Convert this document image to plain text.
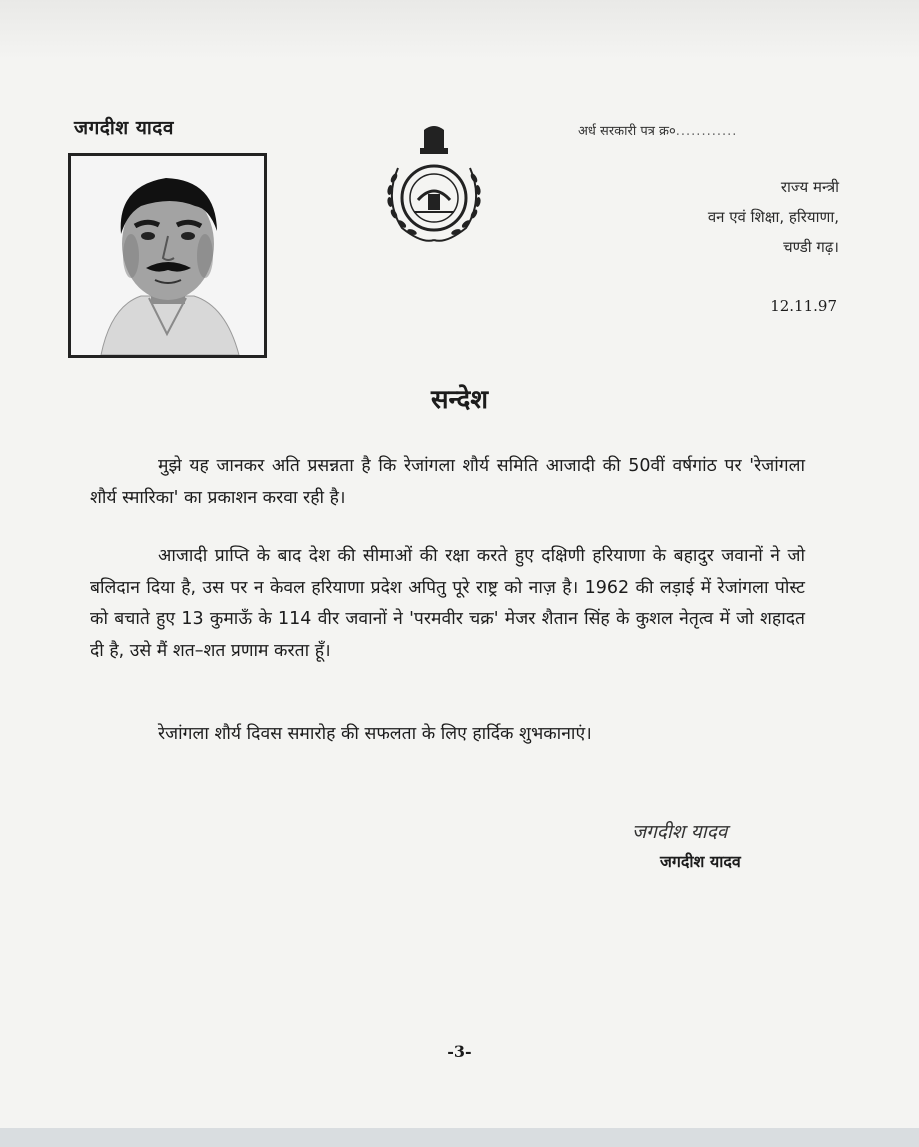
जगदीश यादव	अर्ध सरकारी पत्र क्र०............
राज्य मन्त्री
वन एवं शिक्षा, हरियाणा,
चण्डी गढ़।
12.11.97
सन्देश
मुझे यह जानकर अति प्रसन्नता है कि रेजांगला शौर्य समिति आजादी की 50वीं वर्षगांठ पर 'रेजांगला शौर्य स्मारिका' का प्रकाशन करवा रही है।
आजादी प्राप्ति के बाद देश की सीमाओं की रक्षा करते हुए दक्षिणी हरियाणा के बहादुर जवानों ने जो बलिदान दिया है, उस पर न केवल हरियाणा प्रदेश अपितु पूरे राष्ट्र को नाज़ है। 1962 की लड़ाई में रेजांगला पोस्ट को बचाते हुए 13 कुमाऊँ के 114 वीर जवानों ने 'परमवीर चक्र' मेजर शैतान सिंह के कुशल नेतृत्व में जो शहादत दी है, उसे मैं शत–शत प्रणाम करता हूँ।
रेजांगला शौर्य दिवस समारोह की सफलता के लिए हार्दिक शुभकानाएं।
जगदीश यादव
जगदीश यादव
-3-
